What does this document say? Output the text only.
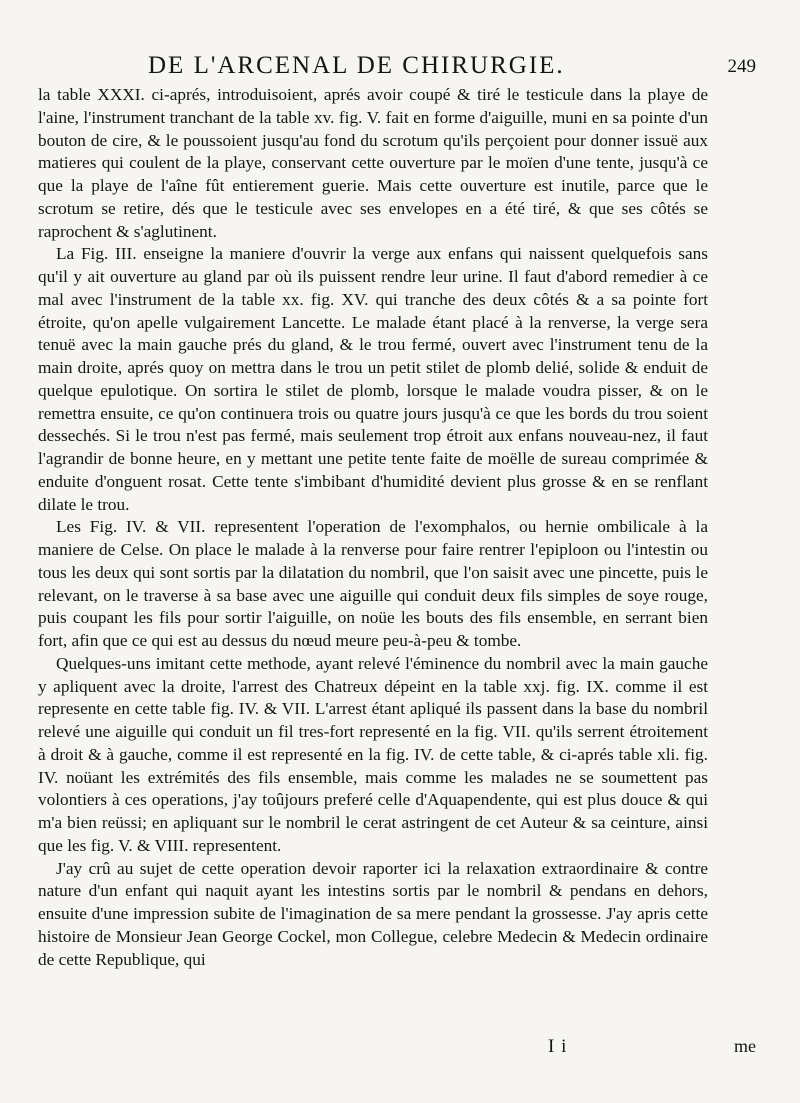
DE L'ARCENAL DE CHIRURGIE.	249

la table XXXI. ci-aprés, introduisoient, aprés avoir coupé & tiré le testicule dans la playe de l'aine, l'instrument tranchant de la table xv. fig. V. fait en forme d'aiguille, muni en sa pointe d'un bouton de cire, & le poussoient jusqu'au fond du scrotum qu'ils perçoient pour donner issuë aux matieres qui coulent de la playe, conservant cette ouverture par le moïen d'une tente, jusqu'à ce que la playe de l'aîne fût entierement guerie. Mais cette ouverture est inutile, parce que le scrotum se retire, dés que le testicule avec ses envelopes en a été tiré, & que ses côtés se raprochent & s'aglutinent.

La Fig. III. enseigne la maniere d'ouvrir la verge aux enfans qui naissent quelquefois sans qu'il y ait ouverture au gland par où ils puissent rendre leur urine. Il faut d'abord remedier à ce mal avec l'instrument de la table xx. fig. XV. qui tranche des deux côtés & a sa pointe fort étroite, qu'on apelle vulgairement Lancette. Le malade étant placé à la renverse, la verge sera tenuë avec la main gauche prés du gland, & le trou fermé, ouvert avec l'instrument tenu de la main droite, aprés quoy on mettra dans le trou un petit stilet de plomb delié, solide & enduit de quelque epulotique. On sortira le stilet de plomb, lorsque le malade voudra pisser, & on le remettra ensuite, ce qu'on continuera trois ou quatre jours jusqu'à ce que les bords du trou soient dessechés. Si le trou n'est pas fermé, mais seulement trop étroit aux enfans nouveau-nez, il faut l'agrandir de bonne heure, en y mettant une petite tente faite de moëlle de sureau comprimée & enduite d'onguent rosat. Cette tente s'imbibant d'humidité devient plus grosse & en se renflant dilate le trou.

Les Fig. IV. & VII. representent l'operation de l'exomphalos, ou hernie ombilicale à la maniere de Celse. On place le malade à la renverse pour faire rentrer l'epiploon ou l'intestin ou tous les deux qui sont sortis par la dilatation du nombril, que l'on saisit avec une pincette, puis le relevant, on le traverse à sa base avec une aiguille qui conduit deux fils simples de soye rouge, puis coupant les fils pour sortir l'aiguille, on noüe les bouts des fils ensemble, en serrant bien fort, afin que ce qui est au dessus du nœud meure peu-à-peu & tombe.

Quelques-uns imitant cette methode, ayant relevé l'éminence du nombril avec la main gauche y apliquent avec la droite, l'arrest des Chatreux dépeint en la table xxj. fig. IX. comme il est represente en cette table fig. IV. & VII. L'arrest étant apliqué ils passent dans la base du nombril relevé une aiguille qui conduit un fil tres-fort representé en la fig. VII. qu'ils serrent étroitement à droit & à gauche, comme il est representé en la fig. IV. de cette table, & ci-aprés table xli. fig. IV. noüant les extrémités des fils ensemble, mais comme les malades ne se soumettent pas volontiers à ces operations, j'ay toûjours preferé celle d'Aquapendente, qui est plus douce & qui m'a bien reüssi; en apliquant sur le nombril le cerat astringent de cet Auteur & sa ceinture, ainsi que les fig. V. & VIII. representent.

J'ay crû au sujet de cette operation devoir raporter ici la relaxation extraordinaire & contre nature d'un enfant qui naquit ayant les intestins sortis par le nombril & pendans en dehors, ensuite d'une impression subite de l'imagination de sa mere pendant la grossesse. J'ay apris cette histoire de Monsieur Jean George Cockel, mon Collegue, celebre Medecin & Medecin ordinaire de cette Republique, qui

I i	me
